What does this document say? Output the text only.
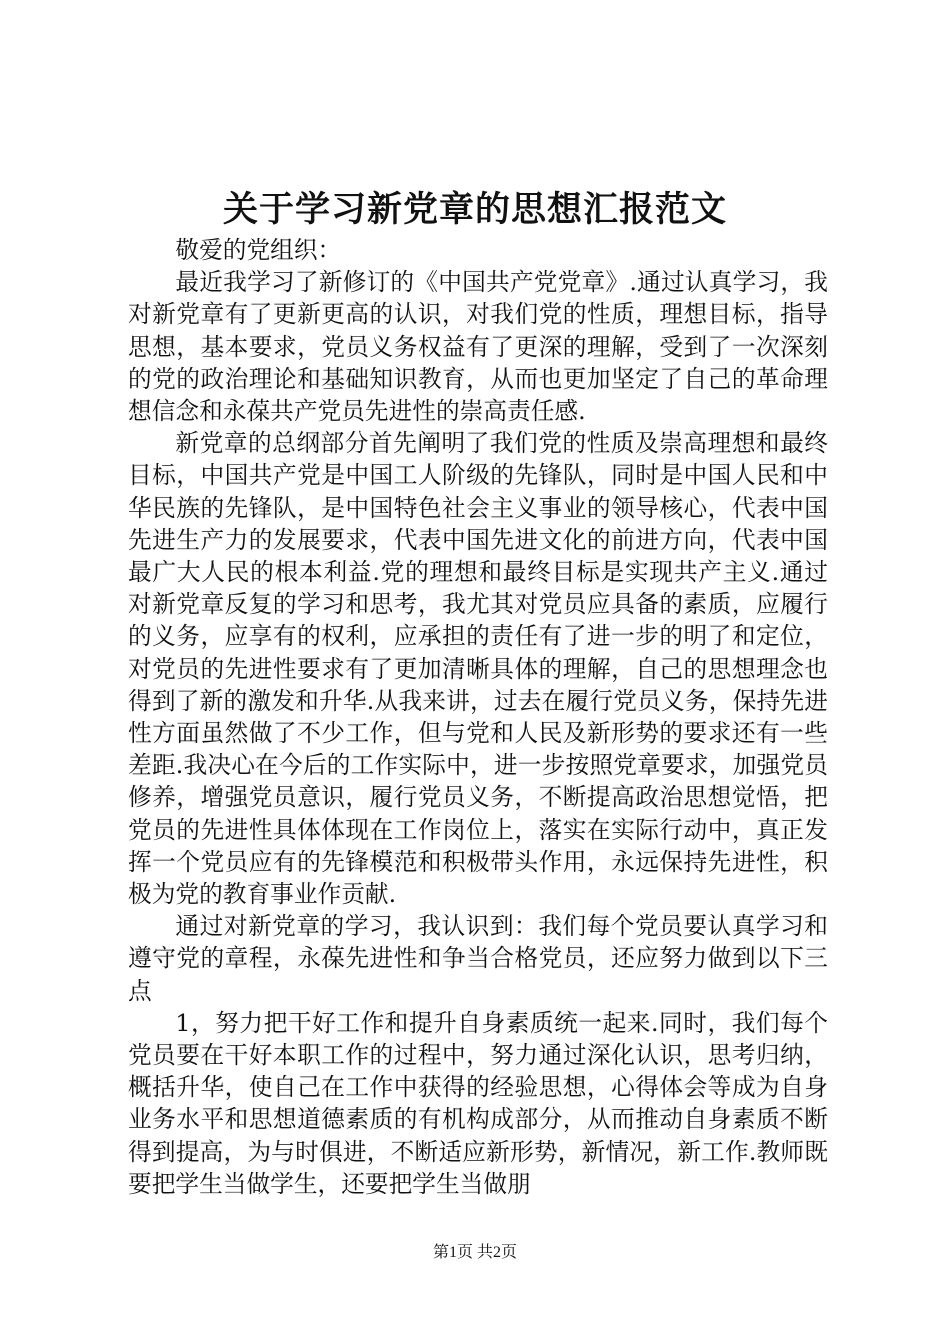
关于学习新党章的思想汇报范文

敬爱的党组织：

最近我学习了新修订的《中国共产党党章》.通过认真学习，我对新党章有了更新更高的认识，对我们党的性质，理想目标，指导思想，基本要求，党员义务权益有了更深的理解，受到了一次深刻的党的政治理论和基础知识教育，从而也更加坚定了自己的革命理想信念和永葆共产党员先进性的崇高责任感.

新党章的总纲部分首先阐明了我们党的性质及崇高理想和最终目标，中国共产党是中国工人阶级的先锋队，同时是中国人民和中华民族的先锋队，是中国特色社会主义事业的领导核心，代表中国先进生产力的发展要求，代表中国先进文化的前进方向，代表中国最广大人民的根本利益.党的理想和最终目标是实现共产主义.通过对新党章反复的学习和思考，我尤其对党员应具备的素质，应履行的义务，应享有的权利，应承担的责任有了进一步的明了和定位，对党员的先进性要求有了更加清晰具体的理解，自己的思想理念也得到了新的激发和升华.从我来讲，过去在履行党员义务，保持先进性方面虽然做了不少工作，但与党和人民及新形势的要求还有一些差距.我决心在今后的工作实际中，进一步按照党章要求，加强党员修养，增强党员意识，履行党员义务，不断提高政治思想觉悟，把党员的先进性具体体现在工作岗位上，落实在实际行动中，真正发挥一个党员应有的先锋模范和积极带头作用，永远保持先进性，积极为党的教育事业作贡献.

通过对新党章的学习，我认识到：我们每个党员要认真学习和遵守党的章程，永葆先进性和争当合格党员，还应努力做到以下三点

1，努力把干好工作和提升自身素质统一起来.同时，我们每个党员要在干好本职工作的过程中，努力通过深化认识，思考归纳，概括升华，使自己在工作中获得的经验思想，心得体会等成为自身业务水平和思想道德素质的有机构成部分，从而推动自身素质不断得到提高，为与时俱进，不断适应新形势，新情况，新工作.教师既要把学生当做学生，还要把学生当做朋

第1页 共2页
